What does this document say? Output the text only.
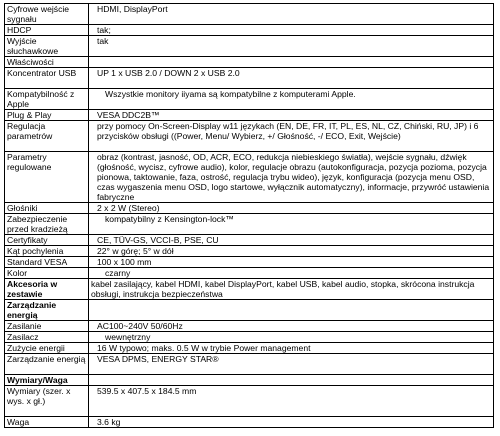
Cyfrowe wejście sygnału	HDMI, DisplayPort
HDCP	tak;
Wyjście słuchawkowe	tak
Właściwości	
Koncentrator USB	UP 1 x USB 2.0 / DOWN 2 x USB 2.0
Kompatybilność z Apple	Wszystkie monitory iiyama są kompatybilne z komputerami Apple.
Plug & Play	VESA DDC2B™
Regulacja parametrów	przy pomocy On-Screen-Display w11 językach (EN, DE, FR, IT, PL, ES, NL, CZ, Chiński, RU, JP) i 6 przycisków obsługi ((Power, Menu/ Wybierz, +/ Głośność, -/ ECO, Exit, Wejście)
Parametry regulowane	obraz (kontrast, jasność, OD, ACR, ECO, redukcja niebieskiego światła), wejście sygnału, dźwięk (głośność, wycisz, cyfrowe audio), kolor, regulacje obrazu (autokonfiguracja, pozycja pozioma, pozycja pionowa, taktowanie, faza, ostrość, regulacja trybu wideo), język, konfiguracja (pozycja menu OSD, czas wygaszenia menu OSD, logo startowe, wyłącznik automatyczny), informacje, przywróć ustawienia fabryczne
Głośniki	2 x 2 W (Stereo)
Zabezpieczenie przed kradzieżą	kompatybilny z Kensington-lock™
Certyfikaty	CE, TÜV-GS, VCCI-B, PSE, CU
Kąt pochylenia	22° w górę; 5° w dół
Standard VESA	100 x 100 mm
Kolor	czarny
Akcesoria w zestawie	kabel zasilający, kabel HDMI, kabel DisplayPort, kabel USB, kabel audio, stopka, skrócona instrukcja obsługi, instrukcja bezpieczeństwa
Zarządzanie energią	
Zasilanie	AC100~240V 50/60Hz
Zasilacz	wewnętrzny
Zużycie energii	16 W typowo; maks. 0.5 W w trybie Power management
Zarządzanie energią	VESA DPMS, ENERGY STAR®
Wymiary/Waga	
Wymiary (szer. x wys. x gł.)	539.5 x 407.5 x 184.5 mm
Waga	3.6 kg
